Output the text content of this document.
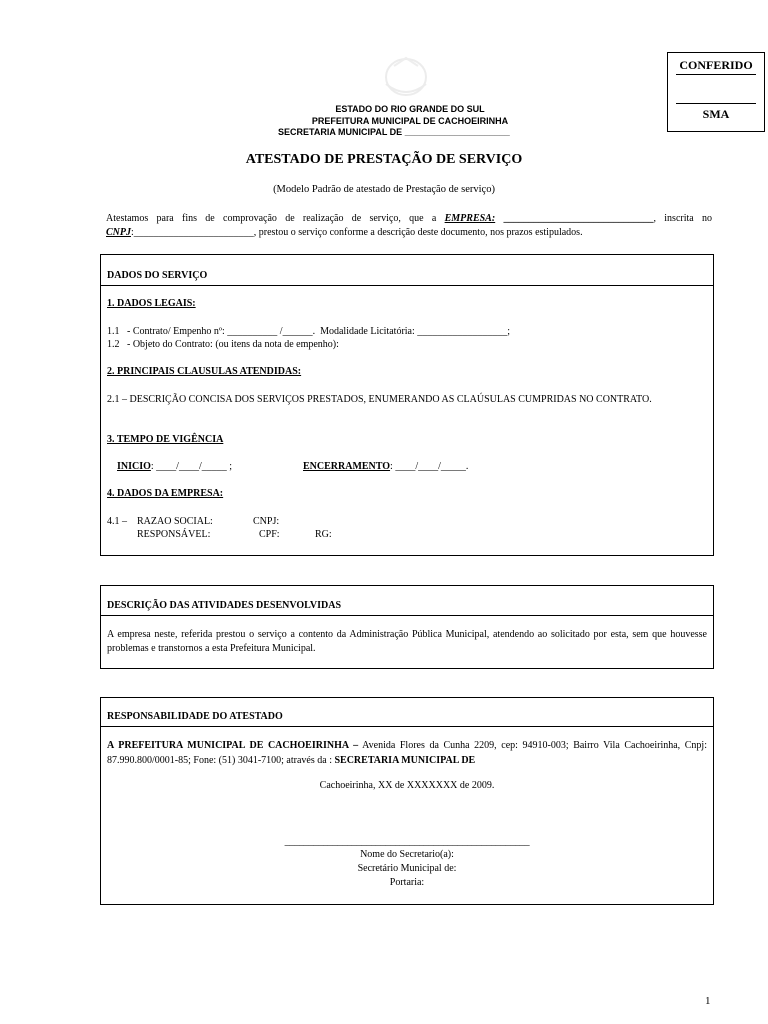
CONFERIDO
SMA
ESTADO DO RIO GRANDE DO SUL
PREFEITURA MUNICIPAL DE CACHOEIRINHA
SECRETARIA MUNICIPAL DE _____________________
ATESTADO DE PRESTAÇÃO DE SERVIÇO
(Modelo Padrão de atestado de Prestação de serviço)
Atestamos para fins de comprovação de realização de serviço, que a EMPRESA: ______________________________, inscrita no CNPJ:________________________, prestou o serviço conforme a descrição deste documento, nos prazos estipulados.
DADOS DO SERVIÇO
1. DADOS LEGAIS:
1.1   - Contrato/ Empenho nº: __________ /______.  Modalidade Licitatória: __________________;
1.2   - Objeto do Contrato: (ou itens da nota de empenho):
2. PRINCIPAIS CLAUSULAS ATENDIDAS:
2.1 – DESCRIÇÃO CONCISA DOS SERVIÇOS PRESTADOS, ENUMERANDO AS CLAÚSULAS CUMPRIDAS NO CONTRATO.
3. TEMPO DE VIGÊNCIA
INICIO: ____/____/_____ ;	ENCERRAMENTO: ____/____/_____.
4. DADOS DA EMPRESA:
4.1 – RAZAO SOCIAL:	CNPJ:
RESPONSÁVEL:	CPF:	RG:
DESCRIÇÃO DAS ATIVIDADES DESENVOLVIDAS
A empresa neste, referida prestou o serviço a contento da Administração Pública Municipal, atendendo ao solicitado por esta, sem que houvesse problemas e transtornos a esta Prefeitura Municipal.
RESPONSABILIDADE DO ATESTADO
A PREFEITURA MUNICIPAL DE CACHOEIRINHA – Avenida Flores da Cunha 2209, cep: 94910-003; Bairro Vila Cachoeirinha, Cnpj: 87.990.800/0001-85; Fone: (51) 3041-7100; através da : SECRETARIA MUNICIPAL DE
Cachoeirinha, XX de XXXXXXX de 2009.
___________________________________________________
Nome do Secretario(a):
Secretário Municipal de:
Portaria:
1
